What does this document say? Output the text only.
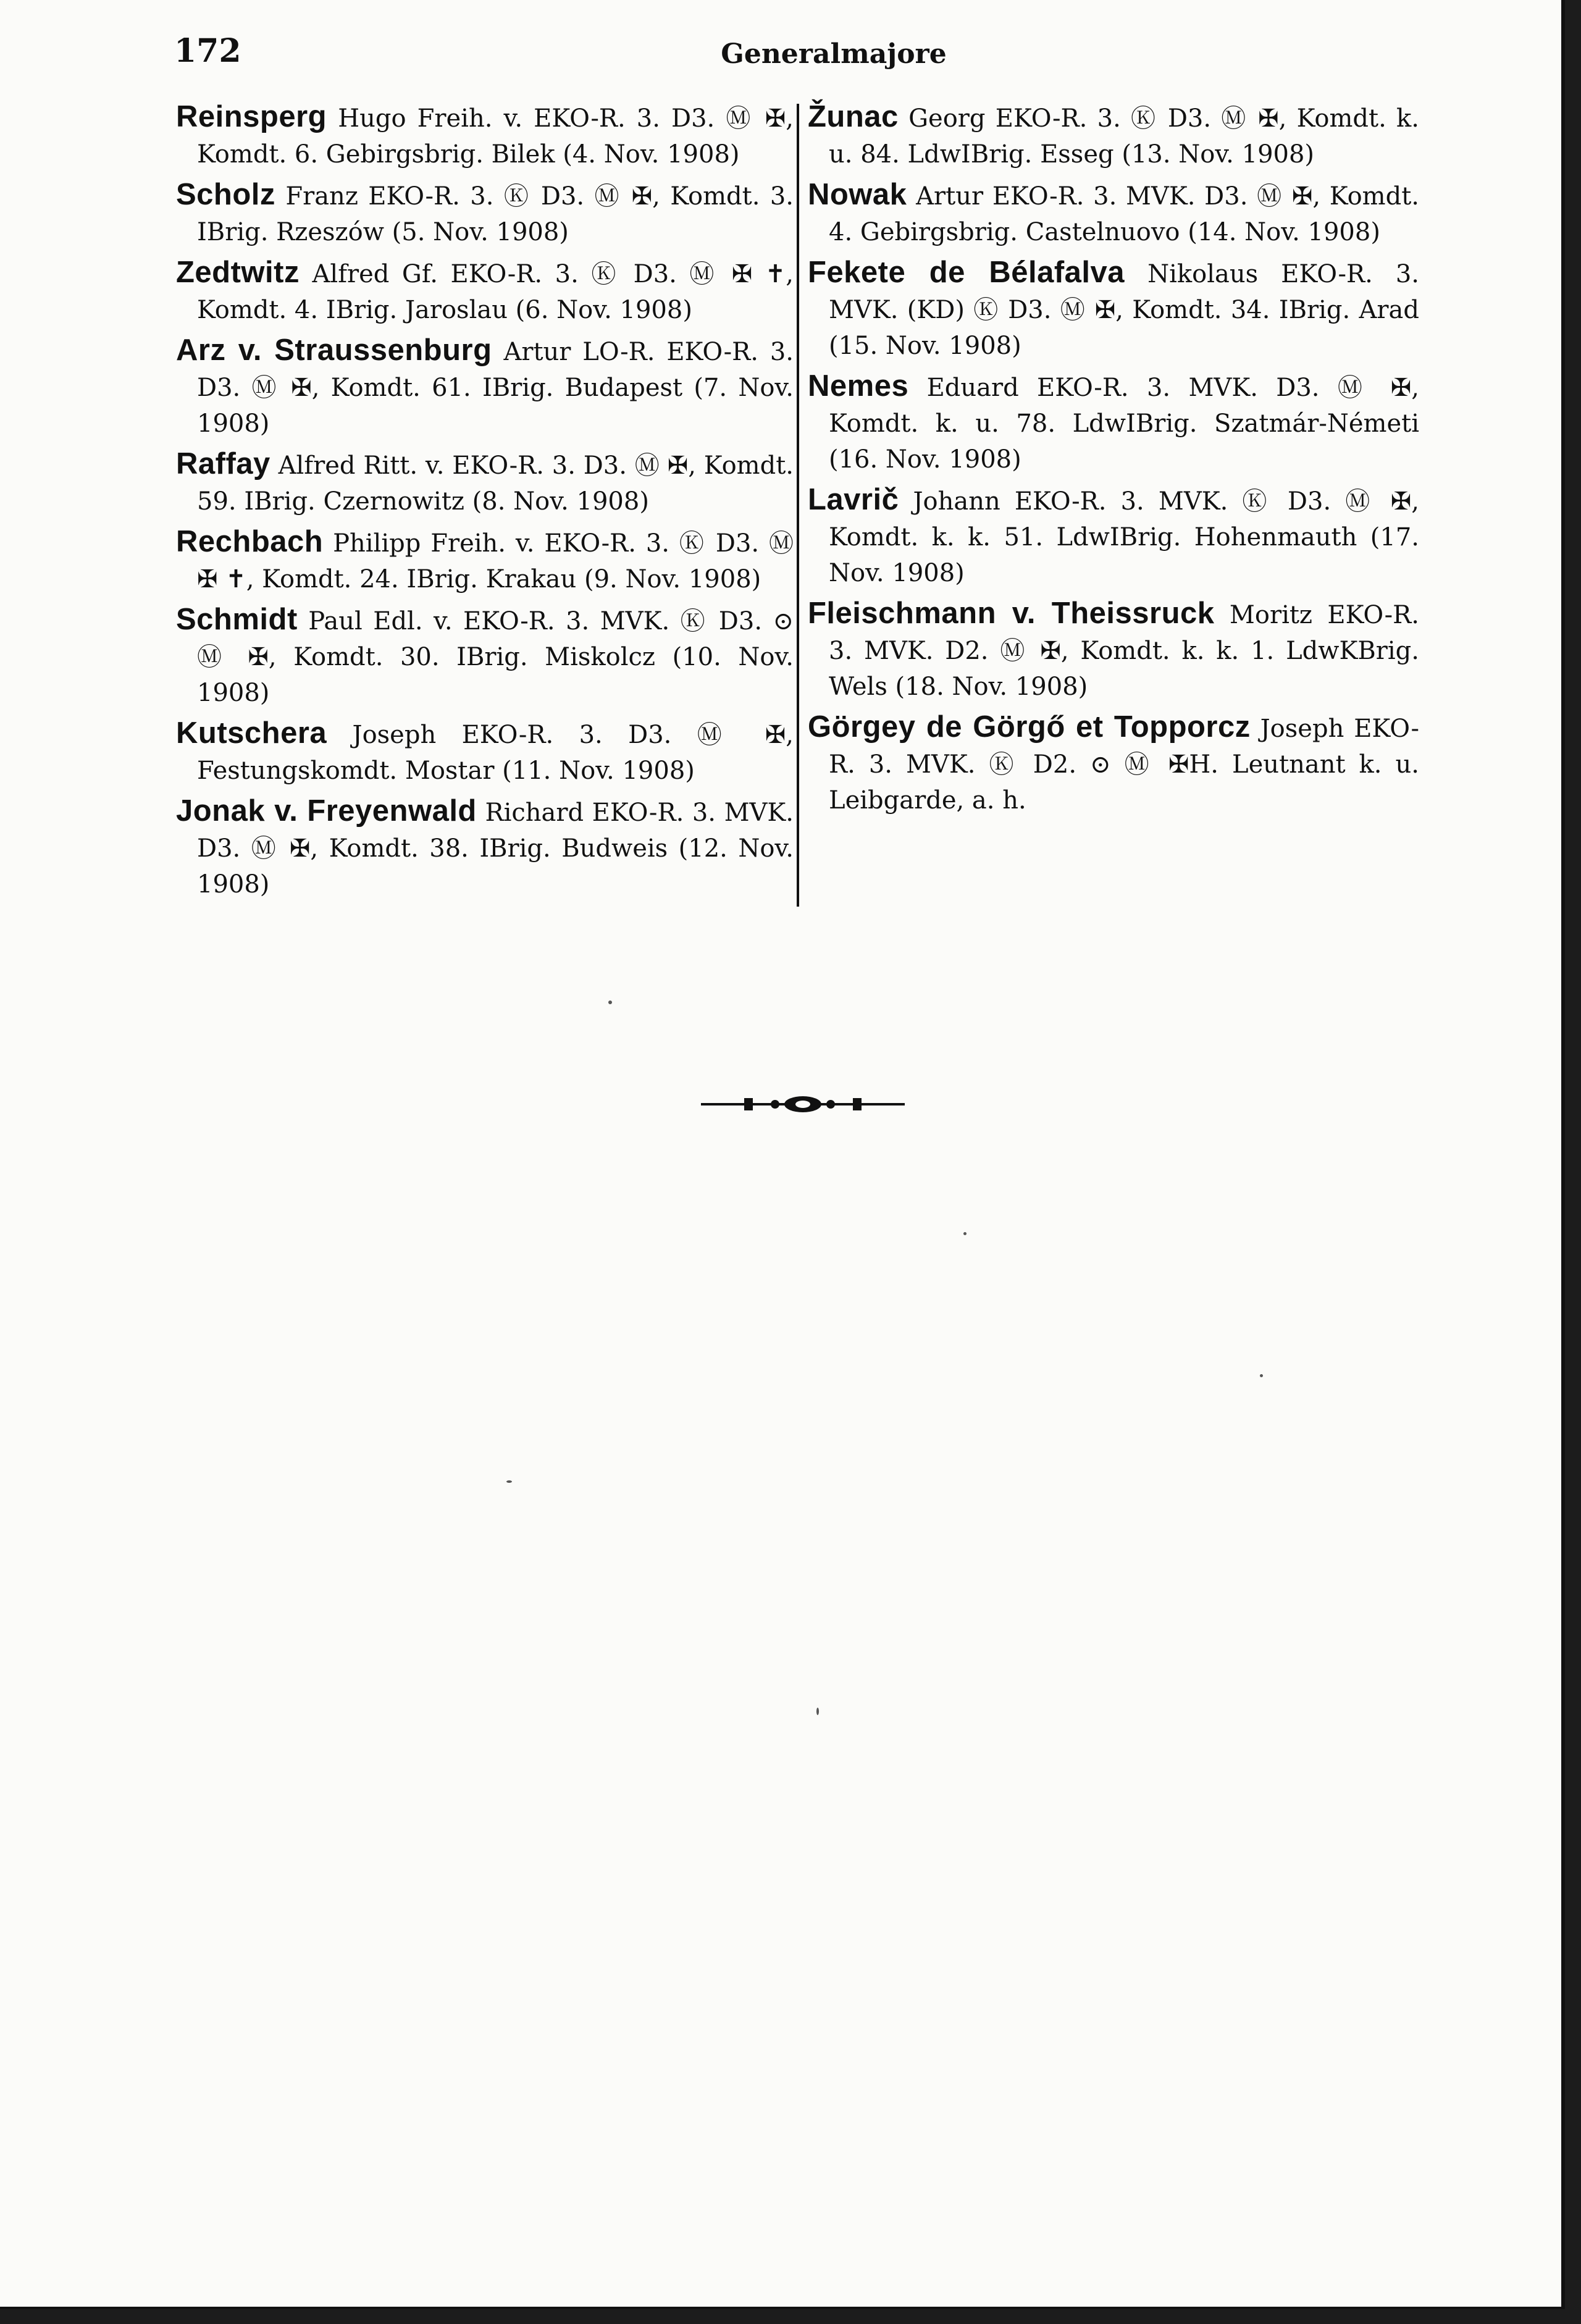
172	Generalmajore
Reinsperg Hugo Freih. v. EKO-R. 3. D3. Ⓜ ✠, Komdt. 6. Gebirgsbrig. Bilek (4. Nov. 1908)
Scholz Franz EKO-R. 3. Ⓚ D3. Ⓜ ✠, Komdt. 3. IBrig. Rzeszów (5. Nov. 1908)
Zedtwitz Alfred Gf. EKO-R. 3. Ⓚ D3. Ⓜ ✠ ✝, Komdt. 4. IBrig. Jaroslau (6. Nov. 1908)
Arz v. Straussenburg Artur LO-R. EKO-R. 3. D3. Ⓜ ✠, Komdt. 61. IBrig. Budapest (7. Nov. 1908)
Raffay Alfred Ritt. v. EKO-R. 3. D3. Ⓜ ✠, Komdt. 59. IBrig. Czernowitz (8. Nov. 1908)
Rechbach Philipp Freih. v. EKO-R. 3. Ⓚ D3. Ⓜ ✠ ✝, Komdt. 24. IBrig. Krakau (9. Nov. 1908)
Schmidt Paul Edl. v. EKO-R. 3. MVK. Ⓚ D3. ⊙ Ⓜ ✠, Komdt. 30. IBrig. Miskolcz (10. Nov. 1908)
Kutschera Joseph EKO-R. 3. D3. Ⓜ ✠, Festungskomdt. Mostar (11. Nov. 1908)
Jonak v. Freyenwald Richard EKO-R. 3. MVK. D3. Ⓜ ✠, Komdt. 38. IBrig. Budweis (12. Nov. 1908)
Žunac Georg EKO-R. 3. Ⓚ D3. Ⓜ ✠, Komdt. k. u. 84. LdwIBrig. Esseg (13. Nov. 1908)
Nowak Artur EKO-R. 3. MVK. D3. Ⓜ ✠, Komdt. 4. Gebirgsbrig. Castelnuovo (14. Nov. 1908)
Fekete de Bélafalva Nikolaus EKO-R. 3. MVK. (KD) Ⓚ D3. Ⓜ ✠, Komdt. 34. IBrig. Arad (15. Nov. 1908)
Nemes Eduard EKO-R. 3. MVK. D3. Ⓜ ✠, Komdt. k. u. 78. LdwIBrig. Szatmár-Németi (16. Nov. 1908)
Lavrič Johann EKO-R. 3. MVK. Ⓚ D3. Ⓜ ✠, Komdt. k. k. 51. LdwIBrig. Hohenmauth (17. Nov. 1908)
Fleischmann v. Theissruck Moritz EKO-R. 3. MVK. D2. Ⓜ ✠, Komdt. k. k. 1. LdwKBrig. Wels (18. Nov. 1908)
Görgey de Görgő et Topporcz Joseph EKO-R. 3. MVK. Ⓚ D2. ⊙ Ⓜ ✠H. Leutnant k. u. Leibgarde, a. h.
